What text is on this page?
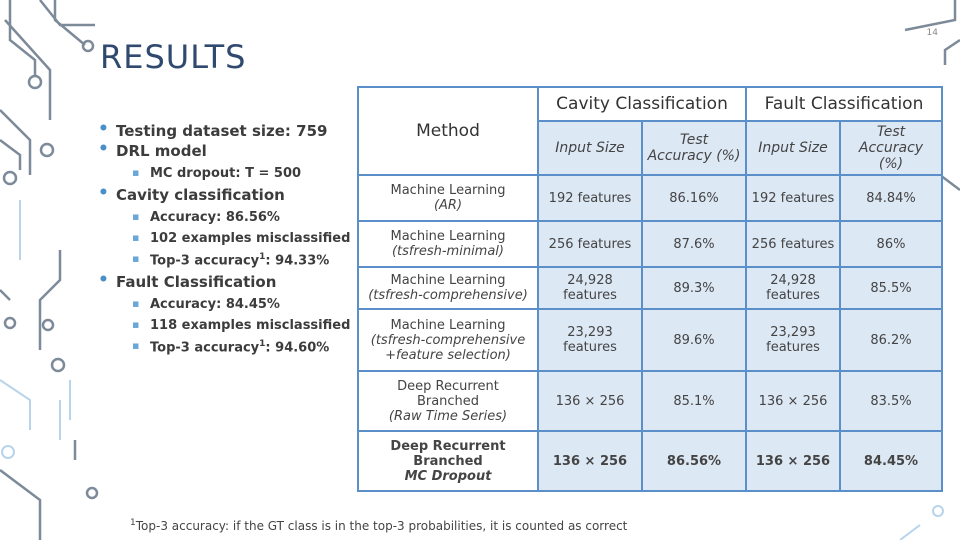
14
RESULTS
• Testing dataset size: 759
• DRL model
▪ MC dropout: T = 500
• Cavity classification
▪ Accuracy: 86.56%
▪ 102 examples misclassified
▪ Top-3 accuracy$^1$: 94.33%
• Fault Classification
▪ Accuracy: 84.45%
▪ 118 examples misclassified
▪ Top-3 accuracy$^1$: 94.60%
Method	Cavity Classification		Fault Classification	
	Input Size	Test Accuracy (%)	Input Size	Test Accuracy (%)

Machine Learning
(AR)	192 features	86.16%	192 features	84.84%

Machine Learning
(tsfresh-minimal)	256 features	87.6%	256 features	86%

Machine Learning
(tsfresh-comprehensive)	24,928 features	89.3%	24,928 features	85.5%

Machine Learning
(tsfresh-comprehensive
+feature selection)	23,293 features	89.6%	23,293 features	86.2%

Deep Recurrent
Branched
(Raw Time Series)	136 × 256	85.1%	136 × 256	83.5%

Deep Recurrent
Branched
MC Dropout	136 × 256	86.56%	136 × 256	84.45%
$^1$Top-3 accuracy: if the GT class is in the top-3 probabilities, it is counted as correct
